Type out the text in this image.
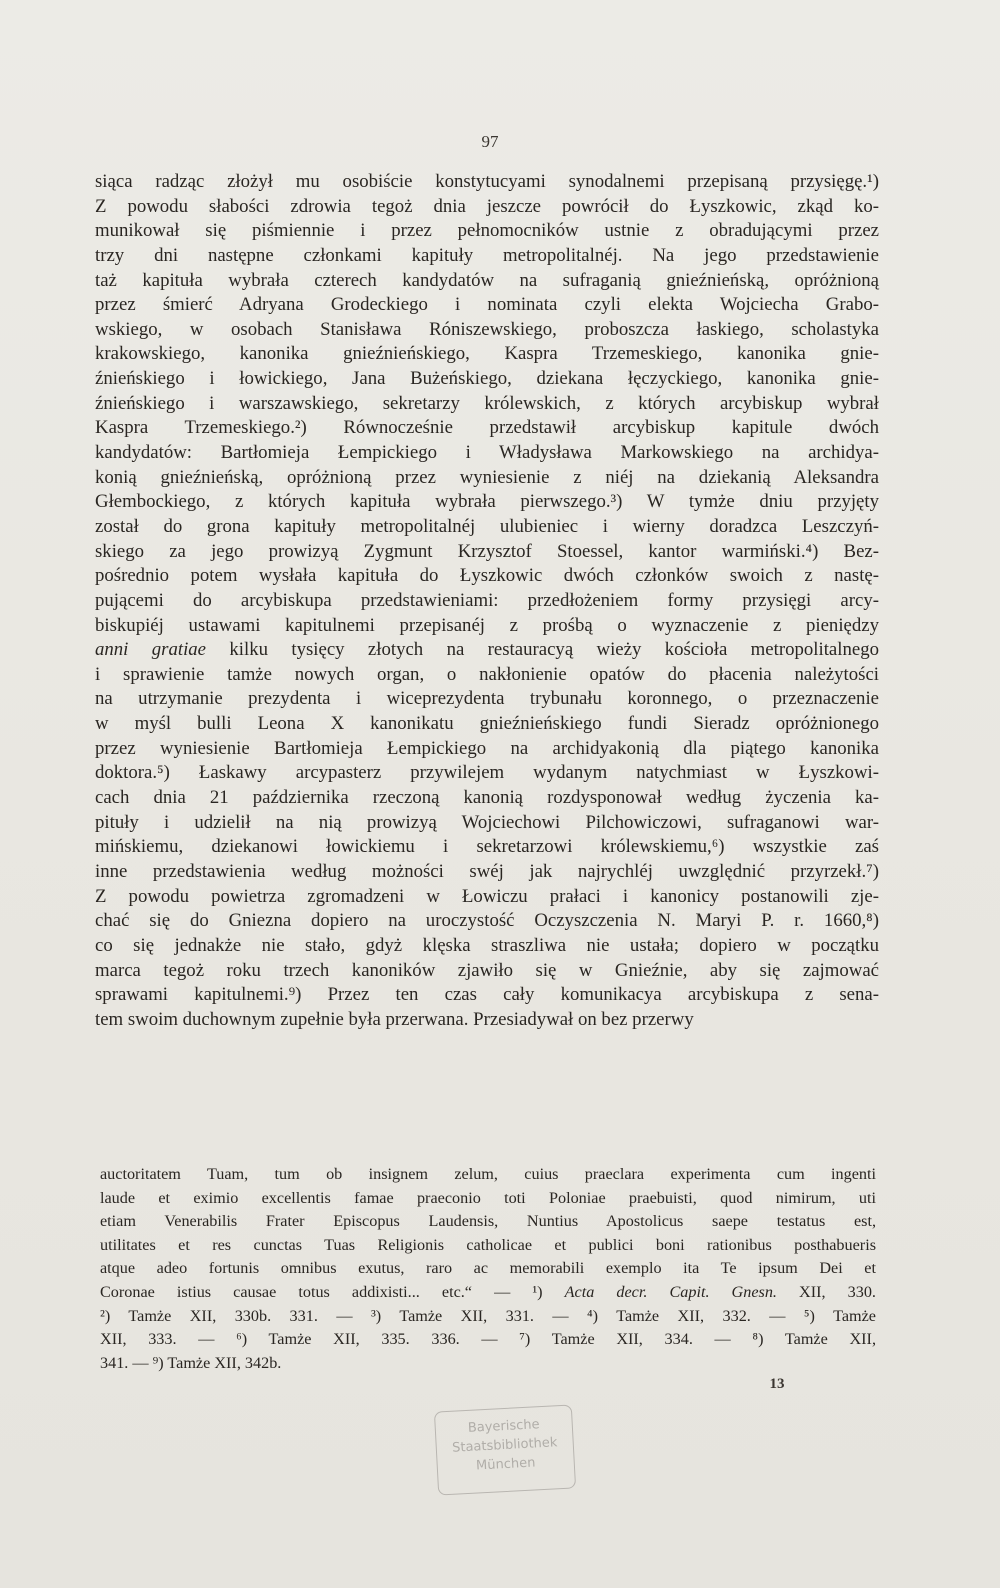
97
siąca radząc złożył mu osobiście konstytucyami synodalnemi przepisaną przysięgę.¹)
Z powodu słabości zdrowia tegoż dnia jeszcze powrócił do Łyszkowic, zkąd ko-
munikował się piśmiennie i przez pełnomocników ustnie z obradującymi przez
trzy dni następne członkami kapituły metropolitalnéj. Na jego przedstawienie
taż kapituła wybrała czterech kandydatów na sufraganią gnieźnieńską, opróżnioną
przez śmierć Adryana Grodeckiego i nominata czyli elekta Wojciecha Grabo-
wskiego, w osobach Stanisława Róniszewskiego, proboszcza łaskiego, scholastyka
krakowskiego, kanonika gnieźnieńskiego, Kaspra Trzemeskiego, kanonika gnie-
źnieńskiego i łowickiego, Jana Bużeńskiego, dziekana łęczyckiego, kanonika gnie-
źnieńskiego i warszawskiego, sekretarzy królewskich, z których arcybiskup wybrał
Kaspra Trzemeskiego.²) Równocześnie przedstawił arcybiskup kapitule dwóch
kandydatów: Bartłomieja Łempickiego i Władysława Markowskiego na archidya-
konią gnieźnieńską, opróżnioną przez wyniesienie z niéj na dziekanią Aleksandra
Głembockiego, z których kapituła wybrała pierwszego.³) W tymże dniu przyjęty
został do grona kapituły metropolitalnéj ulubieniec i wierny doradzca Leszczyń-
skiego za jego prowizyą Zygmunt Krzysztof Stoessel, kantor warmiński.⁴) Bez-
pośrednio potem wysłała kapituła do Łyszkowic dwóch członków swoich z nastę-
pującemi do arcybiskupa przedstawieniami: przedłożeniem formy przysięgi arcy-
biskupiéj ustawami kapitulnemi przepisanéj z prośbą o wyznaczenie z pieniędzy
anni gratiae kilku tysięcy złotych na restauracyą wieży kościoła metropolitalnego
i sprawienie tamże nowych organ, o nakłonienie opatów do płacenia należytości
na utrzymanie prezydenta i wiceprezydenta trybunału koronnego, o przeznaczenie
w myśl bulli Leona X kanonikatu gnieźnieńskiego fundi Sieradz opróżnionego
przez wyniesienie Bartłomieja Łempickiego na archidyakonią dla piątego kanonika
doktora.⁵) Łaskawy arcypasterz przywilejem wydanym natychmiast w Łyszkowi-
cach dnia 21 października rzeczoną kanonią rozdysponował według życzenia ka-
pituły i udzielił na nią prowizyą Wojciechowi Pilchowiczowi, sufraganowi war-
mińskiemu, dziekanowi łowickiemu i sekretarzowi królewskiemu,⁶) wszystkie zaś
inne przedstawienia według możności swéj jak najrychléj uwzględnić przyrzekł.⁷)
Z powodu powietrza zgromadzeni w Łowiczu prałaci i kanonicy postanowili zje-
chać się do Gniezna dopiero na uroczystość Oczyszczenia N. Maryi P. r. 1660,⁸)
co się jednakże nie stało, gdyż klęska straszliwa nie ustała; dopiero w początku
marca tegoż roku trzech kanoników zjawiło się w Gnieźnie, aby się zajmować
sprawami kapitulnemi.⁹) Przez ten czas cały komunikacya arcybiskupa z sena-
tem swoim duchownym zupełnie była przerwana. Przesiadywał on bez przerwy
auctoritatem Tuam, tum ob insignem zelum, cuius praeclara experimenta cum ingenti
laude et eximio excellentis famae praeconio toti Poloniae praebuisti, quod nimirum, uti
etiam Venerabilis Frater Episcopus Laudensis, Nuntius Apostolicus saepe testatus est,
utilitates et res cunctas Tuas Religionis catholicae et publici boni rationibus posthabueris
atque adeo fortunis omnibus exutus, raro ac memorabili exemplo ita Te ipsum Dei et
Coronae istius causae totus addixisti... etc.“ — ¹) Acta decr. Capit. Gnesn. XII, 330.
²) Tamże XII, 330b. 331. — ³) Tamże XII, 331. — ⁴) Tamże XII, 332. — ⁵) Tamże
XII, 333. — ⁶) Tamże XII, 335. 336. — ⁷) Tamże XII, 334. — ⁸) Tamże XII,
341. — ⁹) Tamże XII, 342b.
13
Bayerische
Staatsbibliothek
München
